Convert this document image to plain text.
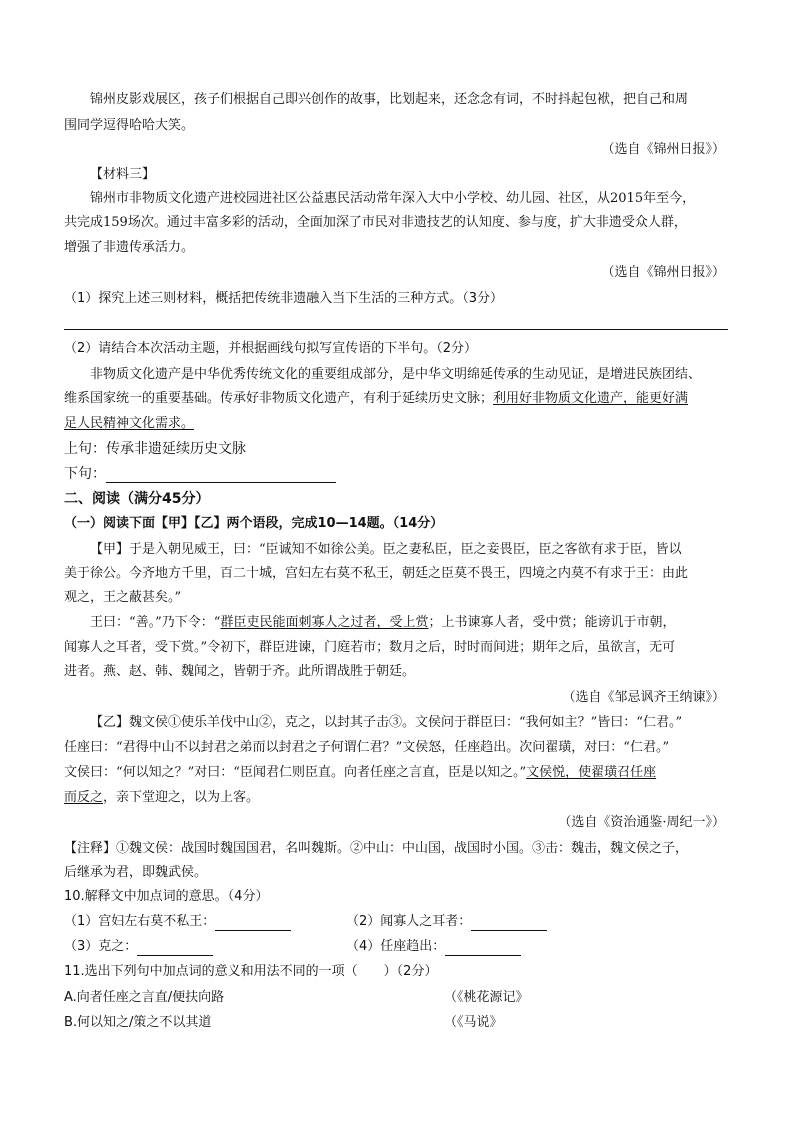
锦州皮影戏展区，孩子们根据自己即兴创作的故事，比划起来，还念念有词，不时抖起包袱，把自己和周
围同学逗得哈哈大笑。
（选自《锦州日报》）
【材料三】
锦州市非物质文化遗产进校园进社区公益惠民活动常年深入大中小学校、幼儿园、社区，从2015年至今，
共完成159场次。通过丰富多彩的活动，全面加深了市民对非遗技艺的认知度、参与度，扩大非遗受众人群，
增强了非遗传承活力。
（选自《锦州日报》）
（1）探究上述三则材料，概括把传统非遗融入当下生活的三种方式。（3分）
（2）请结合本次活动主题，并根据画线句拟写宣传语的下半句。（2分）
非物质文化遗产是中华优秀传统文化的重要组成部分，是中华文明绵延传承的生动见证，是增进民族团结、
维系国家统一的重要基础。传承好非物质文化遗产，有利于延续历史文脉；利用好非物质文化遗产，能更好满
足人民精神文化需求。
上句：传承非遗延续历史文脉
下句：
二、阅读（满分45分）
（一）阅读下面【甲】【乙】两个语段，完成10—14题。（14分）
【甲】于是入朝见威王，曰：“臣诚知不如徐公美。臣之妻私臣，臣之妾畏臣，臣之客欲有求于臣，皆以
美于徐公。今齐地方千里，百二十城，宫妇左右莫不私王，朝廷之臣莫不畏王，四境之内莫不有求于王：由此
观之，王之蔽甚矣。”
王曰：“善。”乃下令：“群臣吏民能面刺寡人之过者，受上赏；上书谏寡人者，受中赏；能谤讥于市朝，
闻寡人之耳者，受下赏。”令初下，群臣进谏，门庭若市；数月之后，时时而间进；期年之后，虽欲言，无可
进者。燕、赵、韩、魏闻之，皆朝于齐。此所谓战胜于朝廷。
（选自《邹忌讽齐王纳谏》）
【乙】魏文侯①使乐羊伐中山②，克之，以封其子击③。文侯问于群臣曰：“我何如主？”皆曰：“仁君。”
任座曰：“君得中山不以封君之弟而以封君之子何谓仁君？”文侯怒，任座趋出。次问翟璜，对曰：“仁君。”
文侯曰：“何以知之？”对曰：“臣闻君仁则臣直。向者任座之言直，臣是以知之。”文侯悦，使翟璜召任座
而反之，亲下堂迎之，以为上客。
（选自《资治通鉴·周纪一》）
【注释】①魏文侯：战国时魏国国君，名叫魏斯。②中山：中山国，战国时小国。③击：魏击，魏文侯之子，
后继承为君，即魏武侯。
10.解释文中加点词的意思。（4分）
（1）宫妇左右莫不私王：	（2）闻寡人之耳者：
（3）克之：	（4）任座趋出：
11.选出下列句中加点词的意义和用法不同的一项（　　）（2分）
A.向者任座之言直/便扶向路	（《桃花源记》
B.何以知之/策之不以其道	（《马说》
